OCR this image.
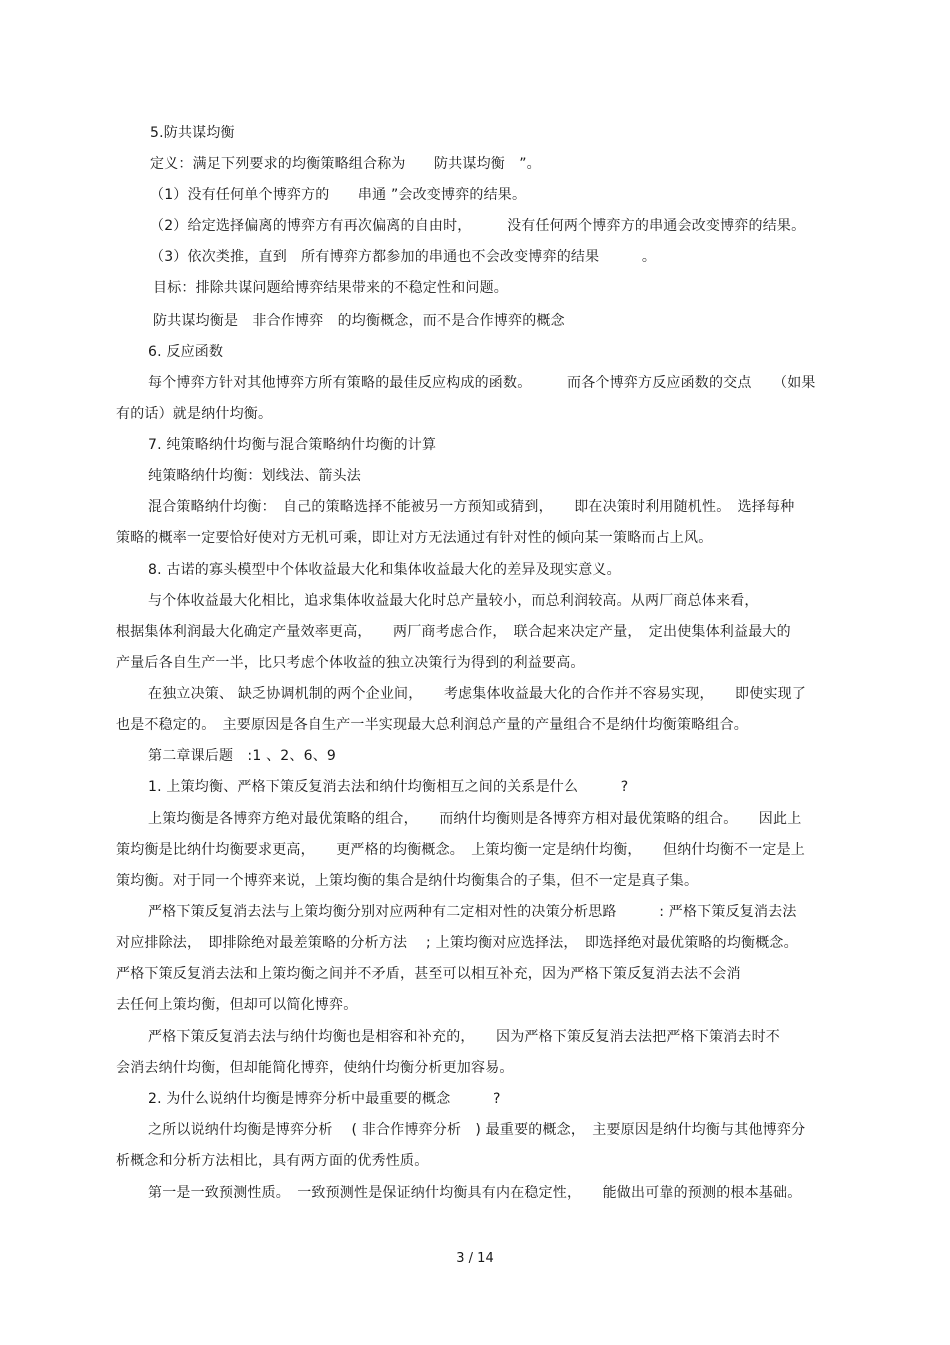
5.防共谋均衡
定义：满足下列要求的均衡策略组合称为　　防共谋均衡　”。
（1）没有任何单个博弈方的　　串通 ”会改变博弈的结果。
（2）给定选择偏离的博弈方有再次偏离的自由时，　　　没有任何两个博弈方的串通会改变博弈的结果。
（3）依次类推，直到　所有博弈方都参加的串通也不会改变博弈的结果　　　。
目标：排除共谋问题给博弈结果带来的不稳定性和问题。
防共谋均衡是　非合作博弈　的均衡概念，而不是合作博弈的概念
6. 反应函数
每个博弈方针对其他博弈方所有策略的最佳反应构成的函数。　　　而各个博弈方反应函数的交点　　（如果
有的话）就是纳什均衡。
7. 纯策略纳什均衡与混合策略纳什均衡的计算
纯策略纳什均衡：划线法、箭头法
混合策略纳什均衡：　自己的策略选择不能被另一方预知或猜到，　　即在决策时利用随机性。　选择每种
策略的概率一定要恰好使对方无机可乘，即让对方无法通过有针对性的倾向某一策略而占上风。
8. 古诺的寡头模型中个体收益最大化和集体收益最大化的差异及现实意义。
与个体收益最大化相比，追求集体收益最大化时总产量较小，而总利润较高。从两厂商总体来看，
根据集体利润最大化确定产量效率更高，　　两厂商考虑合作，　联合起来决定产量，　定出使集体利益最大的
产量后各自生产一半，比只考虑个体收益的独立决策行为得到的利益要高。
在独立决策、 缺乏协调机制的两个企业间，　　考虑集体收益最大化的合作并不容易实现，　　即使实现了
也是不稳定的。　主要原因是各自生产一半实现最大总利润总产量的产量组合不是纳什均衡策略组合。
第二章课后题　:1 、2、6、9
1. 上策均衡、严格下策反复消去法和纳什均衡相互之间的关系是什么　　　?
上策均衡是各博弈方绝对最优策略的组合，　　而纳什均衡则是各博弈方相对最优策略的组合。　　因此上
策均衡是比纳什均衡要求更高，　　更严格的均衡概念。　上策均衡一定是纳什均衡，　　但纳什均衡不一定是上
策均衡。对于同一个博弈来说，上策均衡的集合是纳什均衡集合的子集，但不一定是真子集。
严格下策反复消去法与上策均衡分别对应两种有二定相对性的决策分析思路　　　: 严格下策反复消去法
对应排除法，　即排除绝对最差策略的分析方法　 ; 上策均衡对应选择法，　即选择绝对最优策略的均衡概念。
严格下策反复消去法和上策均衡之间并不矛盾，甚至可以相互补充，因为严格下策反复消去法不会消
去任何上策均衡，但却可以简化博弈。
严格下策反复消去法与纳什均衡也是相容和补充的，　　因为严格下策反复消去法把严格下策消去时不
会消去纳什均衡，但却能简化博弈，使纳什均衡分析更加容易。
2. 为什么说纳什均衡是博弈分析中最重要的概念　　　?
之所以说纳什均衡是博弈分析　 ( 非合作博弈分析　) 最重要的概念，　主要原因是纳什均衡与其他博弈分
析概念和分析方法相比，具有两方面的优秀性质。
第一是一致预测性质。　一致预测性是保证纳什均衡具有内在稳定性，　　能做出可靠的预测的根本基础。
3 / 14
